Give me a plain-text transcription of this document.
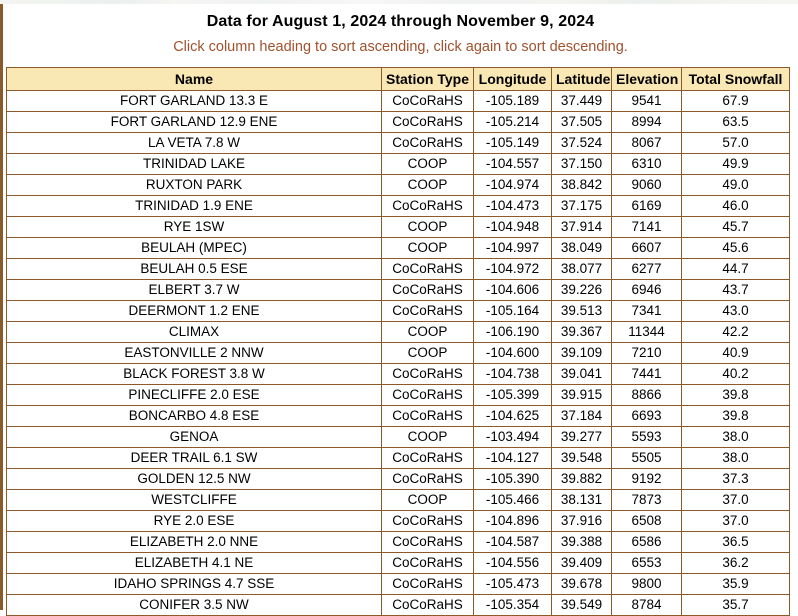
Data for August 1, 2024 through November 9, 2024

Click column heading to sort ascending, click again to sort descending.

Name	Station Type	Longitude	Latitude	Elevation	Total Snowfall
FORT GARLAND 13.3 E	CoCoRaHS	-105.189	37.449	9541	67.9
FORT GARLAND 12.9 ENE	CoCoRaHS	-105.214	37.505	8994	63.5
LA VETA 7.8 W	CoCoRaHS	-105.149	37.524	8067	57.0
TRINIDAD LAKE	COOP	-104.557	37.150	6310	49.9
RUXTON PARK	COOP	-104.974	38.842	9060	49.0
TRINIDAD 1.9 ENE	CoCoRaHS	-104.473	37.175	6169	46.0
RYE 1SW	COOP	-104.948	37.914	7141	45.7
BEULAH (MPEC)	COOP	-104.997	38.049	6607	45.6
BEULAH 0.5 ESE	CoCoRaHS	-104.972	38.077	6277	44.7
ELBERT 3.7 W	CoCoRaHS	-104.606	39.226	6946	43.7
DEERMONT 1.2 ENE	CoCoRaHS	-105.164	39.513	7341	43.0
CLIMAX	COOP	-106.190	39.367	11344	42.2
EASTONVILLE 2 NNW	COOP	-104.600	39.109	7210	40.9
BLACK FOREST 3.8 W	CoCoRaHS	-104.738	39.041	7441	40.2
PINECLIFFE 2.0 ESE	CoCoRaHS	-105.399	39.915	8866	39.8
BONCARBO 4.8 ESE	CoCoRaHS	-104.625	37.184	6693	39.8
GENOA	COOP	-103.494	39.277	5593	38.0
DEER TRAIL 6.1 SW	CoCoRaHS	-104.127	39.548	5505	38.0
GOLDEN 12.5 NW	CoCoRaHS	-105.390	39.882	9192	37.3
WESTCLIFFE	COOP	-105.466	38.131	7873	37.0
RYE 2.0 ESE	CoCoRaHS	-104.896	37.916	6508	37.0
ELIZABETH 2.0 NNE	CoCoRaHS	-104.587	39.388	6586	36.5
ELIZABETH 4.1 NE	CoCoRaHS	-104.556	39.409	6553	36.2
IDAHO SPRINGS 4.7 SSE	CoCoRaHS	-105.473	39.678	9800	35.9
CONIFER 3.5 NW	CoCoRaHS	-105.354	39.549	8784	35.7
